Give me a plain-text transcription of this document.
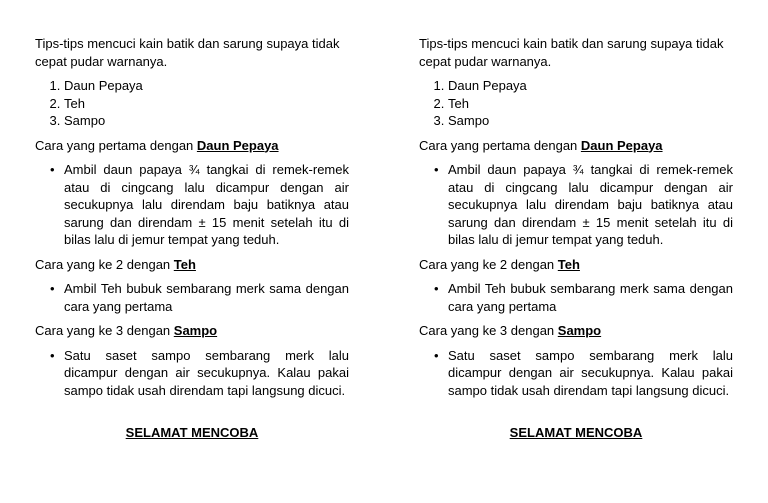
Tips-tips mencuci kain batik dan sarung supaya tidak cepat pudar warnanya.

1. Daun Pepaya
2. Teh
3. Sampo

Cara yang pertama dengan Daun Pepaya

• Ambil daun papaya ¾ tangkai di remek-remek atau di cingcang lalu dicampur dengan air secukupnya lalu direndam baju batiknya atau sarung dan direndam ± 15 menit setelah itu di bilas lalu di jemur tempat yang teduh.

Cara yang ke 2 dengan Teh

• Ambil Teh bubuk sembarang merk sama dengan cara yang pertama

Cara yang ke 3 dengan Sampo

• Satu saset sampo sembarang merk lalu dicampur dengan air secukupnya. Kalau pakai sampo tidak usah direndam tapi langsung dicuci.

SELAMAT MENCOBA

Tips-tips mencuci kain batik dan sarung supaya tidak cepat pudar warnanya.

1. Daun Pepaya
2. Teh
3. Sampo

Cara yang pertama dengan Daun Pepaya

• Ambil daun papaya ¾ tangkai di remek-remek atau di cingcang lalu dicampur dengan air secukupnya lalu direndam baju batiknya atau sarung dan direndam ± 15 menit setelah itu di bilas lalu di jemur tempat yang teduh.

Cara yang ke 2 dengan Teh

• Ambil Teh bubuk sembarang merk sama dengan cara yang pertama

Cara yang ke 3 dengan Sampo

• Satu saset sampo sembarang merk lalu dicampur dengan air secukupnya. Kalau pakai sampo tidak usah direndam tapi langsung dicuci.

SELAMAT MENCOBA
